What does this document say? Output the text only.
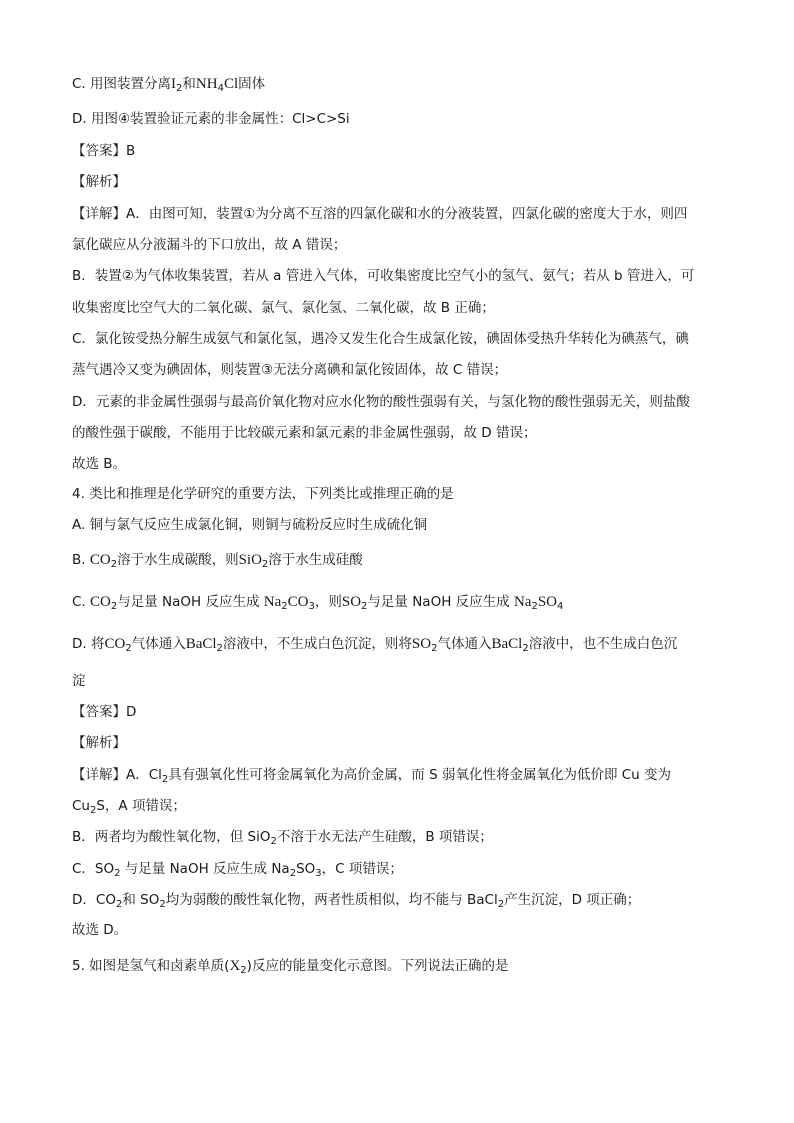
C. 用图装置分离$I_2$和$NH_4Cl$固体
D. 用图④装置验证元素的非金属性：Cl>C>Si
【答案】B
【解析】
【详解】A．由图可知，装置①为分离不互溶的四氯化碳和水的分液装置，四氯化碳的密度大于水，则四
氯化碳应从分液漏斗的下口放出，故 A 错误；
B．装置②为气体收集装置，若从 a 管进入气体，可收集密度比空气小的氢气、氨气；若从 b 管进入，可
收集密度比空气大的二氧化碳、氯气、氯化氢、二氧化碳，故 B 正确；
C．氯化铵受热分解生成氨气和氯化氢，遇冷又发生化合生成氯化铵，碘固体受热升华转化为碘蒸气，碘
蒸气遇冷又变为碘固体，则装置③无法分离碘和氯化铵固体，故 C 错误；
D．元素的非金属性强弱与最高价氧化物对应水化物的酸性强弱有关，与氢化物的酸性强弱无关，则盐酸
的酸性强于碳酸，不能用于比较碳元素和氯元素的非金属性强弱，故 D 错误；
故选 B。
4. 类比和推理是化学研究的重要方法，下列类比或推理正确的是
A. 铜与氯气反应生成氯化铜，则铜与硫粉反应时生成硫化铜
B. $CO_2$溶于水生成碳酸，则SiO$_2$溶于水生成硅酸
C. $CO_2$与足量 NaOH 反应生成 $Na_2CO_3$，则$SO_2$与足量 NaOH 反应生成 $Na_2SO_4$
D. 将$CO_2$气体通入BaCl$_2$溶液中，不生成白色沉淀，则将$SO_2$气体通入BaCl$_2$溶液中，也不生成白色沉
淀
【答案】D
【解析】
【详解】A．$Cl_2$具有强氧化性可将金属氧化为高价金属，而 S 弱氧化性将金属氧化为低价即 Cu 变为
$Cu_2S$，A 项错误；
B．两者均为酸性氧化物，但 SiO$_2$不溶于水无法产生硅酸，B 项错误；
C．$SO_2$ 与足量 NaOH 反应生成 $Na_2SO_3$，C 项错误；
D．$CO_2$和 $SO_2$均为弱酸的酸性氧化物，两者性质相似，均不能与 BaCl$_2$产生沉淀，D 项正确；
故选 D。
5. 如图是氢气和卤素单质$(X_2)$反应的能量变化示意图。下列说法正确的是
